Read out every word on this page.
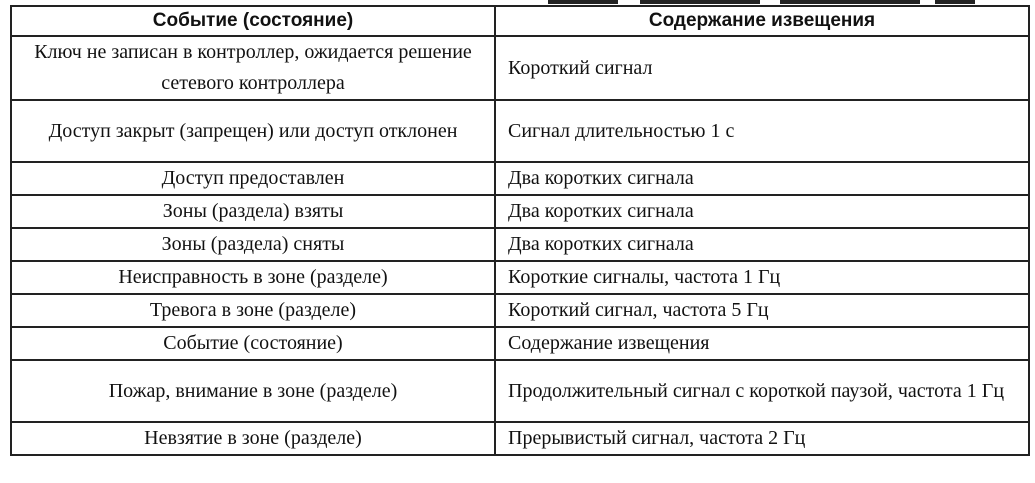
Событие (состояние)	Содержание извещения
Ключ не записан в контроллер, ожидается решение сетевого контроллера	Короткий сигнал
Доступ закрыт (запрещен) или доступ отклонен	Сигнал длительностью 1 с
Доступ предоставлен	Два коротких сигнала
Зоны (раздела) взяты	Два коротких сигнала
Зоны (раздела) сняты	Два коротких сигнала
Неисправность в зоне (разделе)	Короткие сигналы, частота 1 Гц
Тревога в зоне (разделе)	Короткий сигнал, частота 5 Гц
Событие (состояние)	Содержание извещения
Пожар, внимание в зоне (разделе)	Продолжительный сигнал с короткой паузой, частота 1 Гц
Невзятие в зоне (разделе)	Прерывистый сигнал, частота 2 Гц
